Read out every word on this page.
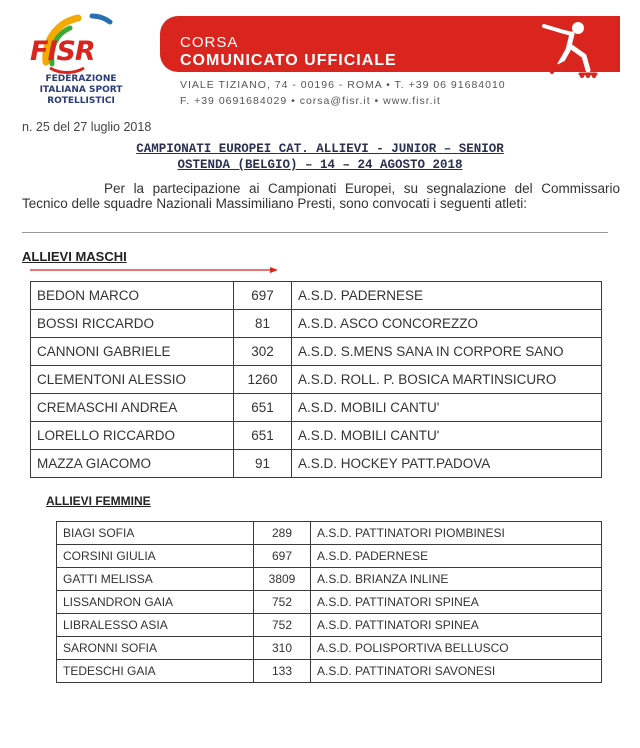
FISR
FEDERAZIONE ITALIANA SPORT ROTELLISTICI
CORSA
COMUNICATO UFFICIALE
VIALE TIZIANO, 74 - 00196 - ROMA • T. +39 06 91684010
F. +39 0691684029 • corsa@fisr.it • www.fisr.it
n. 25 del 27 luglio 2018
CAMPIONATI EUROPEI CAT. ALLIEVI - JUNIOR – SENIOR
OSTENDA (BELGIO) – 14 – 24 AGOSTO 2018
Per la partecipazione ai Campionati Europei, su segnalazione del Commissario Tecnico delle squadre Nazionali Massimiliano Presti, sono convocati i seguenti atleti:
ALLIEVI MASCHI
BEDON MARCO	697	A.S.D. PADERNESE
BOSSI RICCARDO	81	A.S.D. ASCO CONCOREZZO
CANNONI GABRIELE	302	A.S.D. S.MENS SANA IN CORPORE SANO
CLEMENTONI ALESSIO	1260	A.S.D. ROLL. P. BOSICA MARTINSICURO
CREMASCHI ANDREA	651	A.S.D. MOBILI CANTU'
LORELLO RICCARDO	651	A.S.D. MOBILI CANTU'
MAZZA GIACOMO	91	A.S.D. HOCKEY PATT.PADOVA
ALLIEVI FEMMINE
BIAGI SOFIA	289	A.S.D. PATTINATORI PIOMBINESI
CORSINI GIULIA	697	A.S.D. PADERNESE
GATTI MELISSA	3809	A.S.D. BRIANZA INLINE
LISSANDRON GAIA	752	A.S.D. PATTINATORI SPINEA
LIBRALESSO ASIA	752	A.S.D. PATTINATORI SPINEA
SARONNI SOFIA	310	A.S.D. POLISPORTIVA BELLUSCO
TEDESCHI GAIA	133	A.S.D. PATTINATORI SAVONESI
